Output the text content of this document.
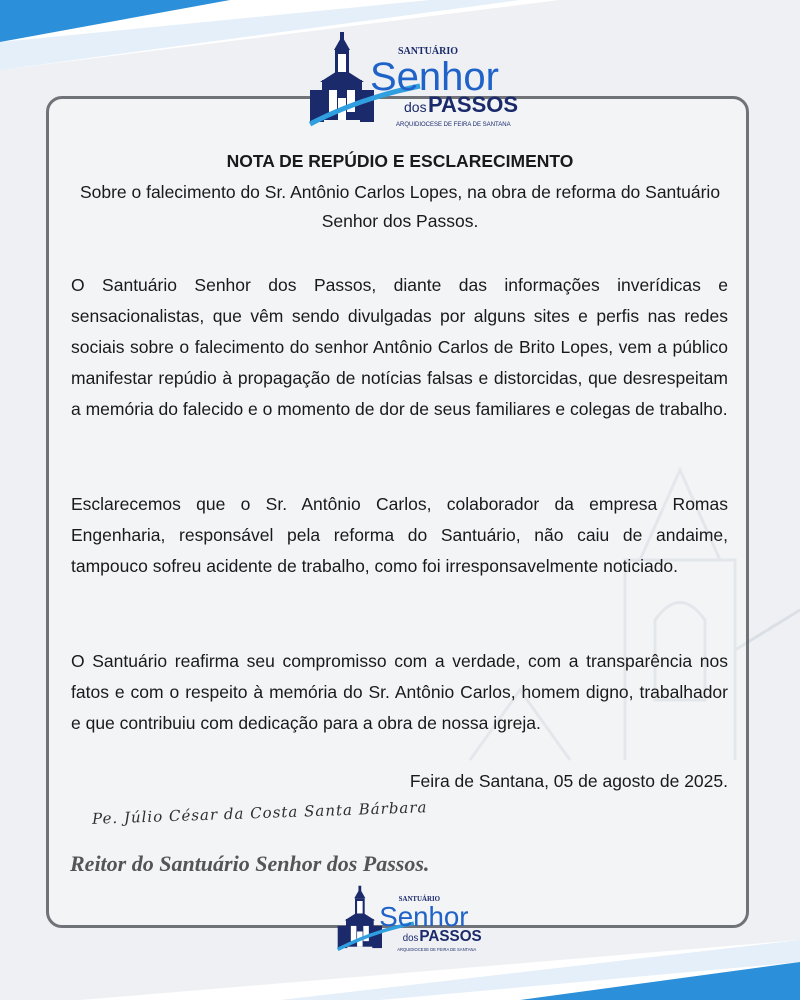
SANTUÁRIO
Senhor
dos PASSOS
ARQUIDIOCESE DE FEIRA DE SANTANA
NOTA DE REPÚDIO E ESCLARECIMENTO
Sobre o falecimento do Sr. Antônio Carlos Lopes, na obra de reforma do Santuário Senhor dos Passos.
O Santuário Senhor dos Passos, diante das informações inverídicas e sensacionalistas, que vêm sendo divulgadas por alguns sites e perfis nas redes sociais sobre o falecimento do senhor Antônio Carlos de Brito Lopes, vem a público manifestar repúdio à propagação de notícias falsas e distorcidas, que desrespeitam a memória do falecido e o momento de dor de seus familiares e colegas de trabalho.
Esclarecemos que o Sr. Antônio Carlos, colaborador da empresa Romas Engenharia, responsável pela reforma do Santuário, não caiu de andaime, tampouco sofreu acidente de trabalho, como foi irresponsavelmente noticiado.
O Santuário reafirma seu compromisso com a verdade, com a transparência nos fatos e com o respeito à memória do Sr. Antônio Carlos, homem digno, trabalhador e que contribuiu com dedicação para a obra de nossa igreja.
Feira de Santana, 05 de agosto de 2025.
Pe. Júlio César da Costa Santa Bárbara
Reitor do Santuário Senhor dos Passos.
SANTUÁRIO
Senhor
dos PASSOS
ARQUIDIOCESE DE FEIRA DE SANTANA
